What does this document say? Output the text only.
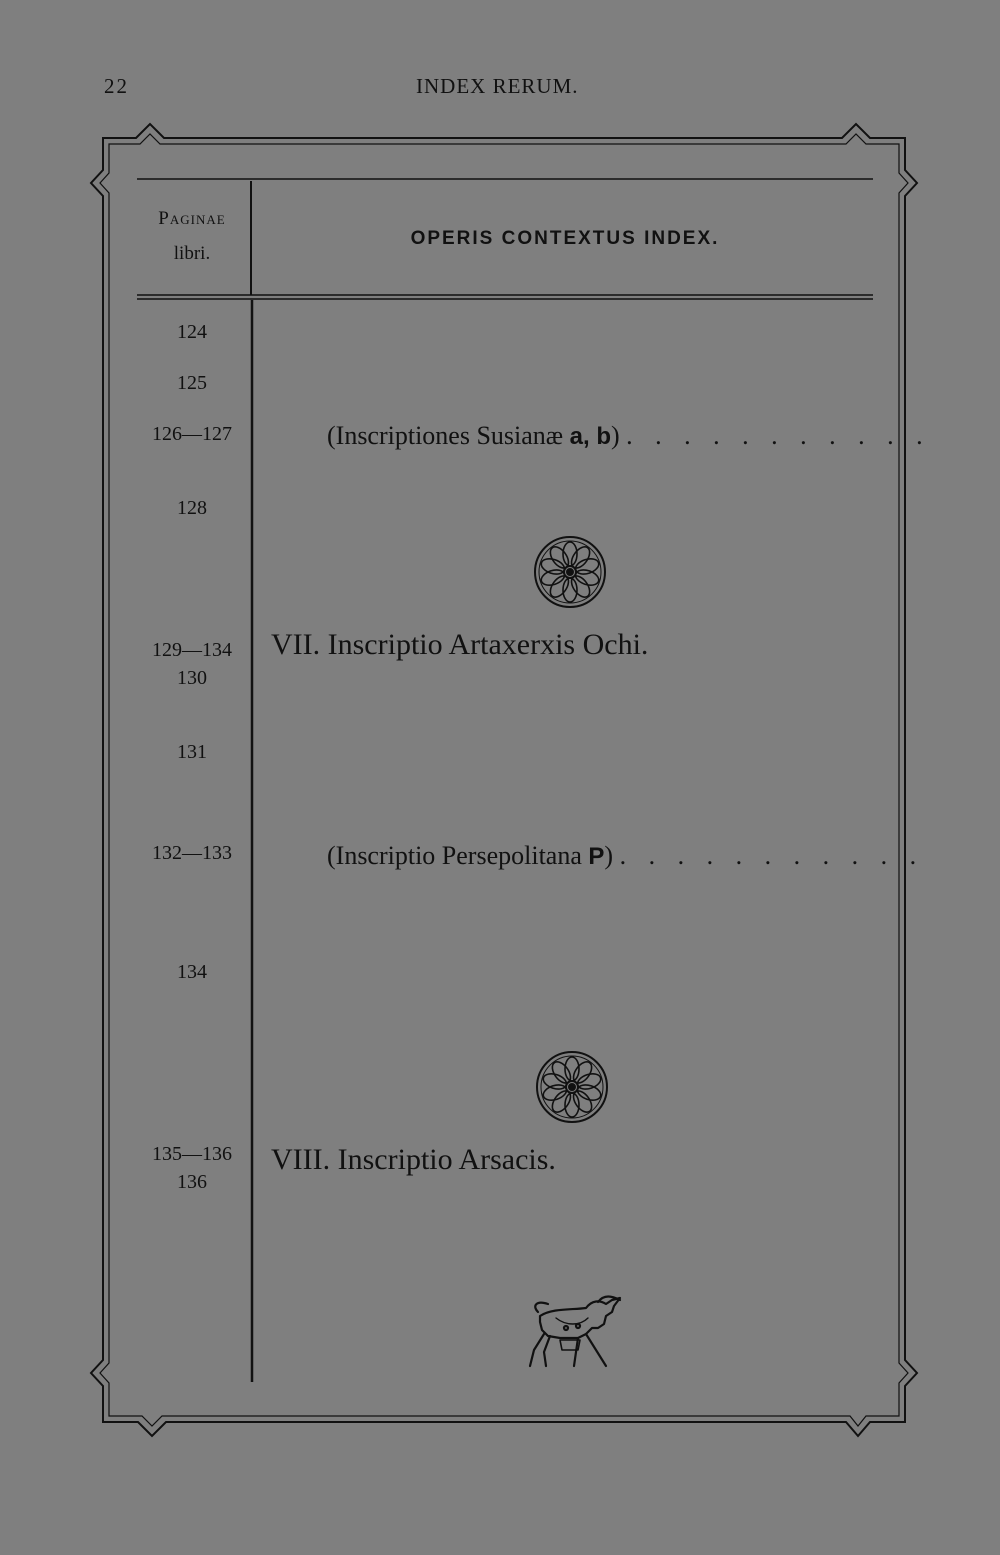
22	INDEX RERUM.
Paginae
libri.
OPERIS CONTEXTUS INDEX.
124
125
126—127
128
129—134
130
131
132—133
134
135—136
136
(Inscriptiones Susianæ a, b) . . . . . . . . . . .
VII. Inscriptio Artaxerxis Ochi.
(Inscriptio Persepolitana P) . . . . . . . . . . .
VIII. Inscriptio Arsacis.
